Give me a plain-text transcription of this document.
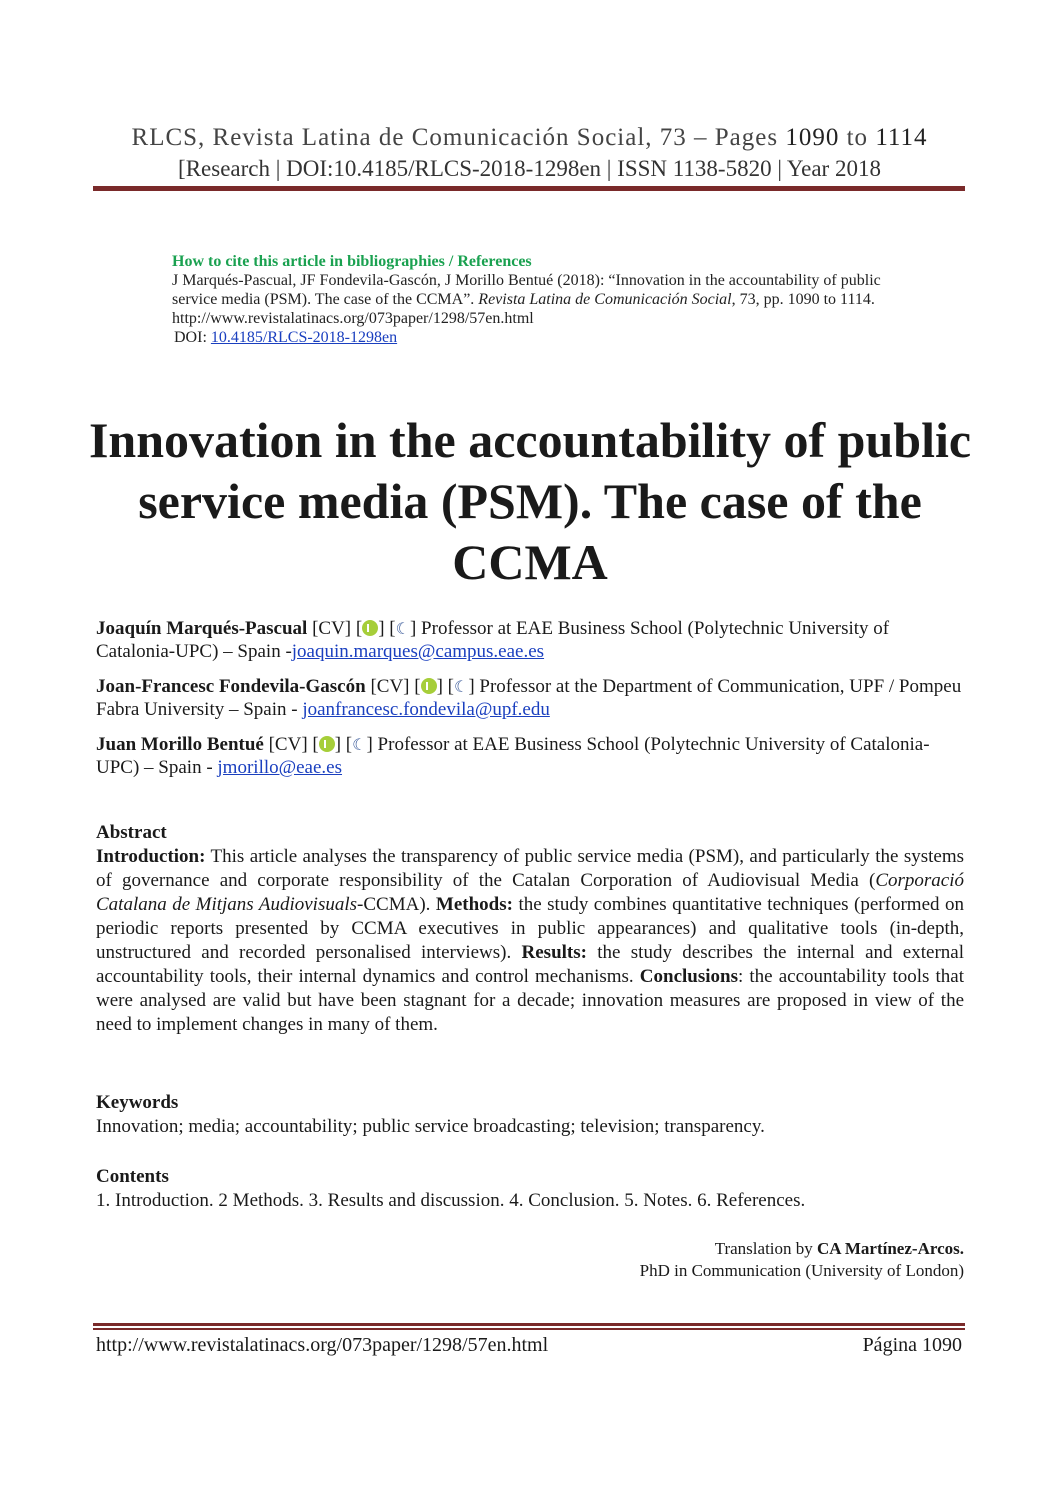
RLCS, Revista Latina de Comunicación Social, 73 – Pages 1090 to 1114
[Research | DOI:10.4185/RLCS-2018-1298en | ISSN 1138-5820 | Year 2018
How to cite this article in bibliographies / References
J Marqués-Pascual, JF Fondevila-Gascón, J Morillo Bentué (2018): “Innovation in the accountability of public service media (PSM). The case of the CCMA”. Revista Latina de Comunicación Social, 73, pp. 1090 to 1114.
http://www.revistalatinacs.org/073paper/1298/57en.html
DOI: 10.4185/RLCS-2018-1298en
Innovation in the accountability of public service media (PSM). The case of the CCMA
Joaquín Marqués-Pascual [CV] [ ] [☾] Professor at EAE Business School (Polytechnic University of Catalonia-UPC) – Spain -joaquin.marques@campus.eae.es
Joan-Francesc Fondevila-Gascón [CV] [ ] [☾] Professor at the Department of Communication, UPF / Pompeu Fabra University – Spain - joanfrancesc.fondevila@upf.edu
Juan Morillo Bentué [CV] [ ] [☾] Professor at EAE Business School (Polytechnic University of Catalonia-UPC) – Spain - jmorillo@eae.es
Abstract
Introduction: This article analyses the transparency of public service media (PSM), and particularly the systems of governance and corporate responsibility of the Catalan Corporation of Audiovisual Media (Corporació Catalana de Mitjans Audiovisuals-CCMA). Methods: the study combines quantitative techniques (performed on periodic reports presented by CCMA executives in public appearances) and qualitative tools (in-depth, unstructured and recorded personalised interviews). Results: the study describes the internal and external accountability tools, their internal dynamics and control mechanisms. Conclusions: the accountability tools that were analysed are valid but have been stagnant for a decade; innovation measures are proposed in view of the need to implement changes in many of them.
Keywords
Innovation; media; accountability; public service broadcasting; television; transparency.
Contents
1. Introduction. 2 Methods. 3. Results and discussion. 4. Conclusion. 5. Notes. 6. References.
Translation by CA Martínez-Arcos.
PhD in Communication (University of London)
http://www.revistalatinacs.org/073paper/1298/57en.html	Página 1090
